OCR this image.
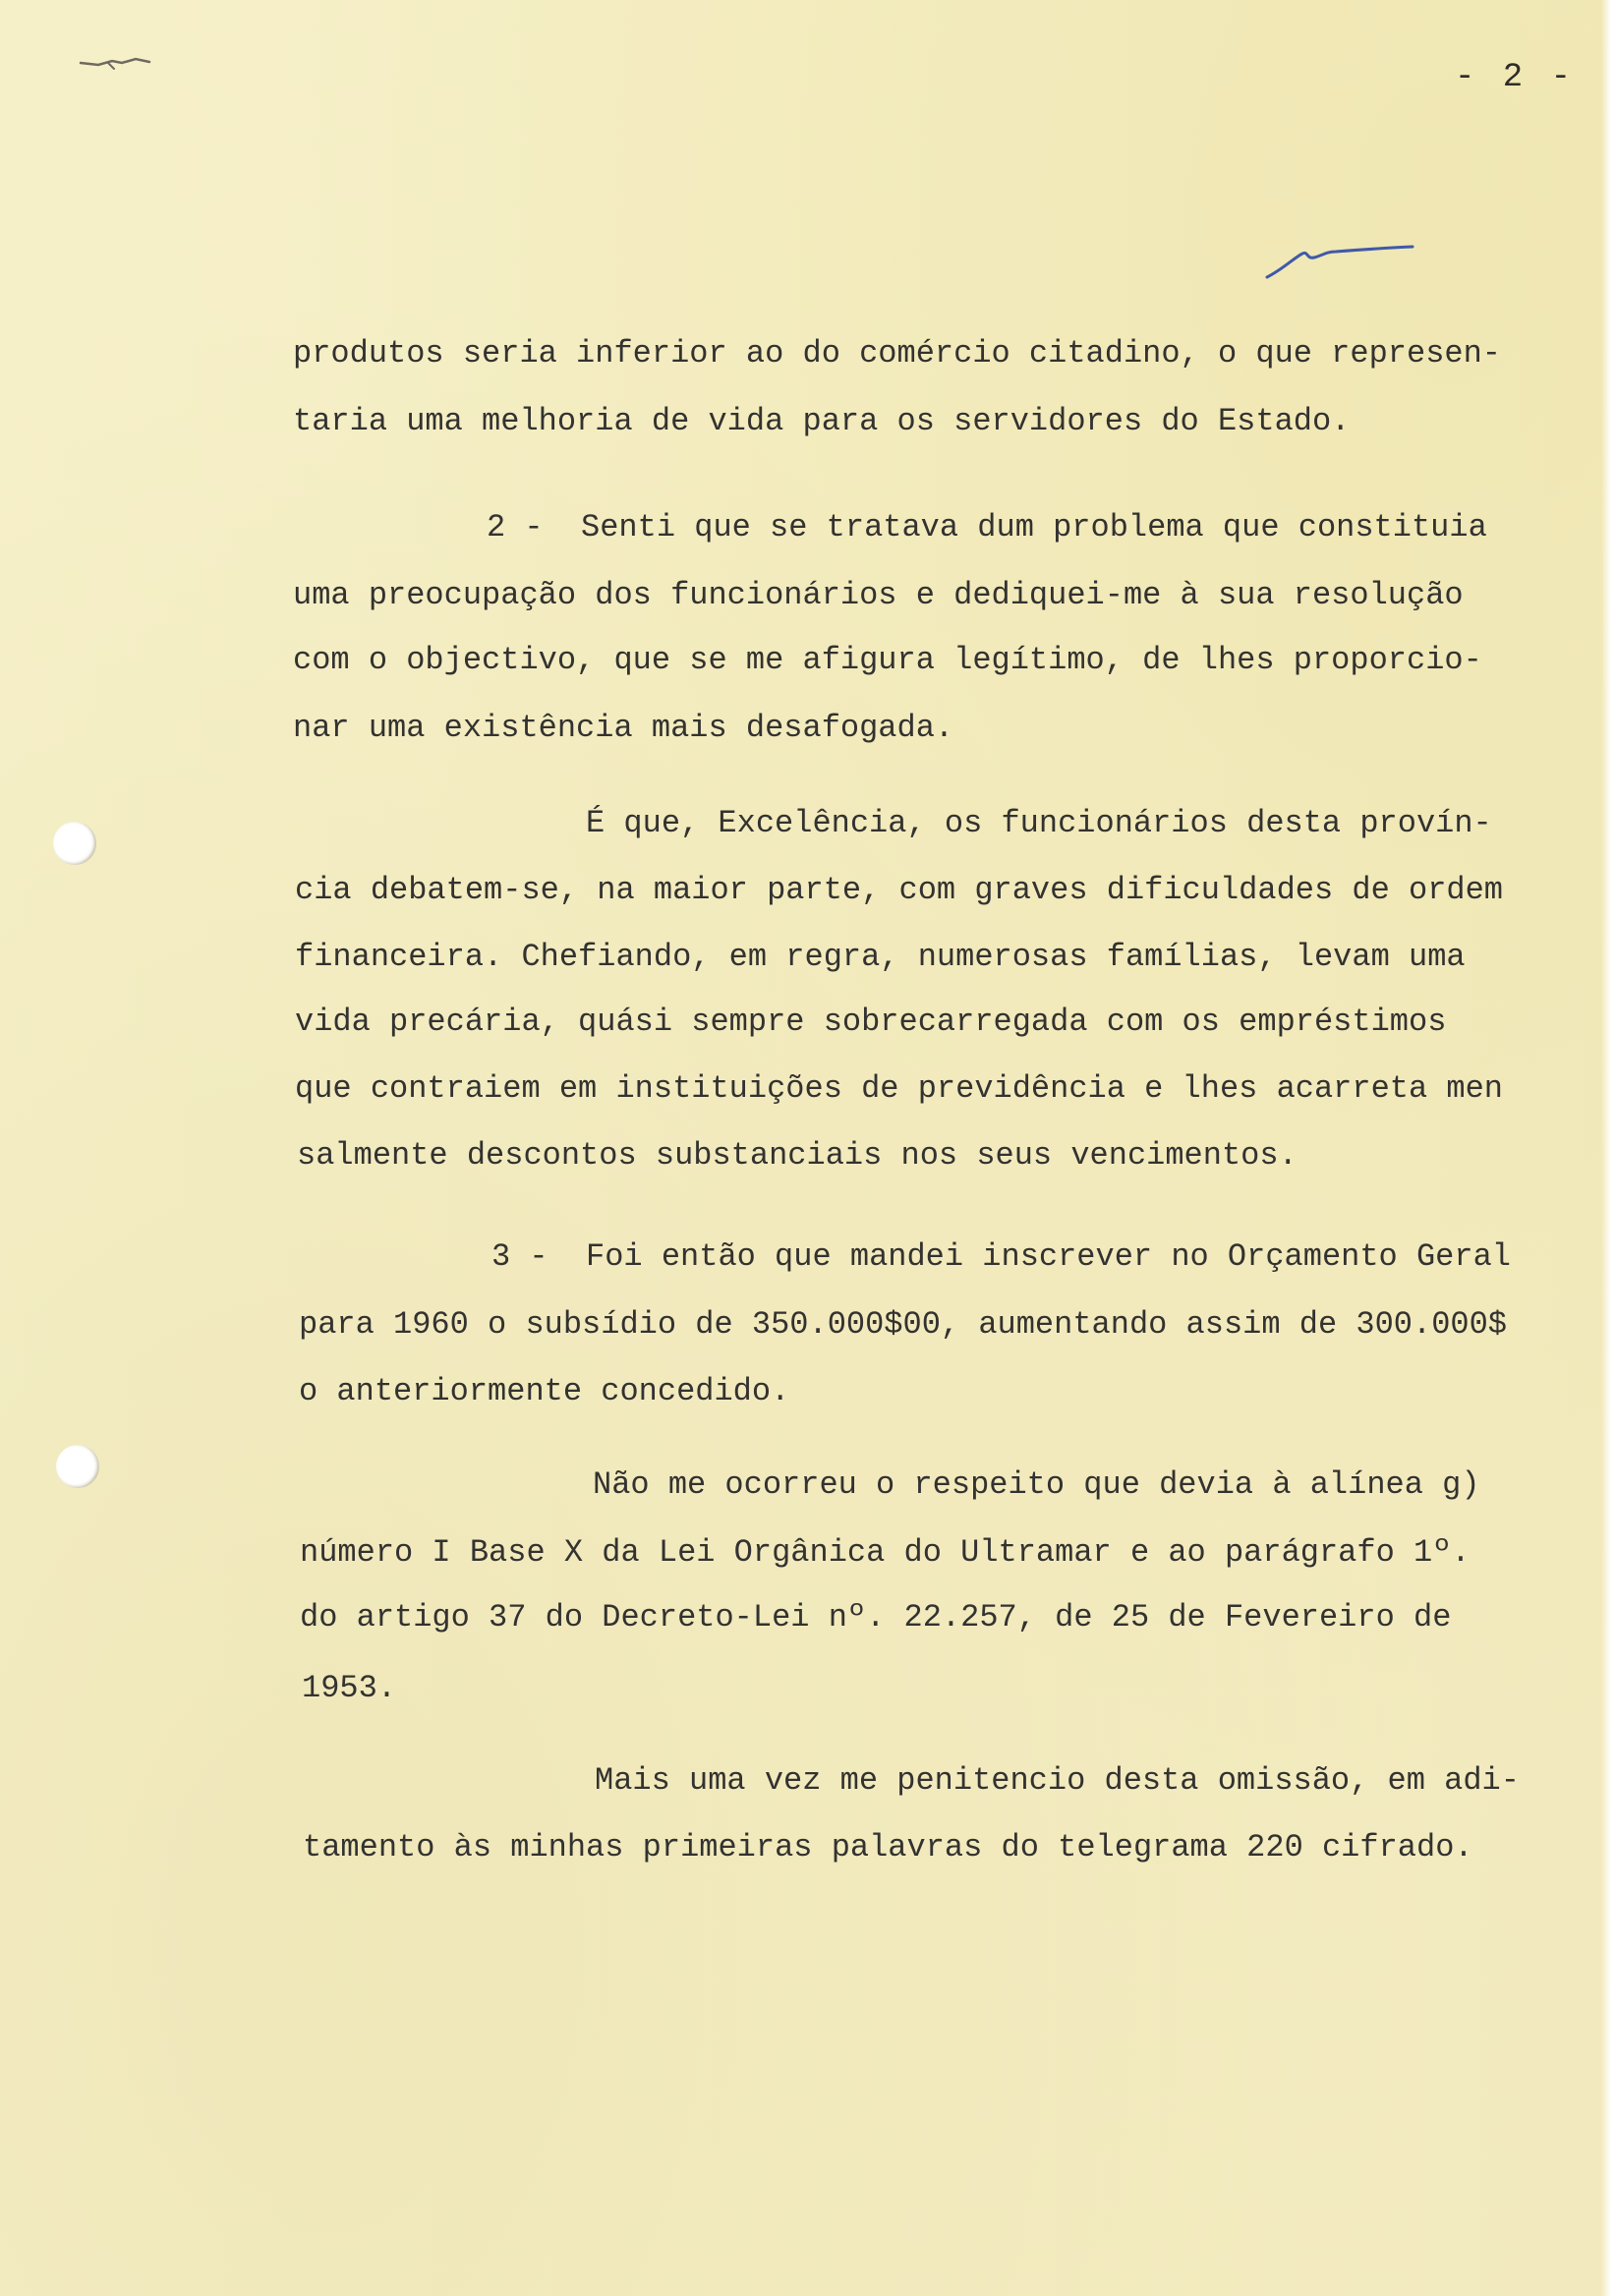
- 2 -
produtos seria inferior ao do comércio citadino, o que represen-
taria uma melhoria de vida para os servidores do Estado.
2 -  Senti que se tratava dum problema que constituia
uma preocupação dos funcionários e dediquei-me à sua resolução
com o objectivo, que se me afigura legítimo, de lhes proporcio-
nar uma existência mais desafogada.
É que, Excelência, os funcionários desta provín-
cia debatem-se, na maior parte, com graves dificuldades de ordem
financeira. Chefiando, em regra, numerosas famílias, levam uma
vida precária, quási sempre sobrecarregada com os empréstimos
que contraiem em instituições de previdência e lhes acarreta men
salmente descontos substanciais nos seus vencimentos.
3 -  Foi então que mandei inscrever no Orçamento Geral
para 1960 o subsídio de 350.000$00, aumentando assim de 300.000$
o anteriormente concedido.
Não me ocorreu o respeito que devia à alínea g)
número I Base X da Lei Orgânica do Ultramar e ao parágrafo 1º.
do artigo 37 do Decreto-Lei nº. 22.257, de 25 de Fevereiro de
1953.
Mais uma vez me penitencio desta omissão, em adi-
tamento às minhas primeiras palavras do telegrama 220 cifrado.
